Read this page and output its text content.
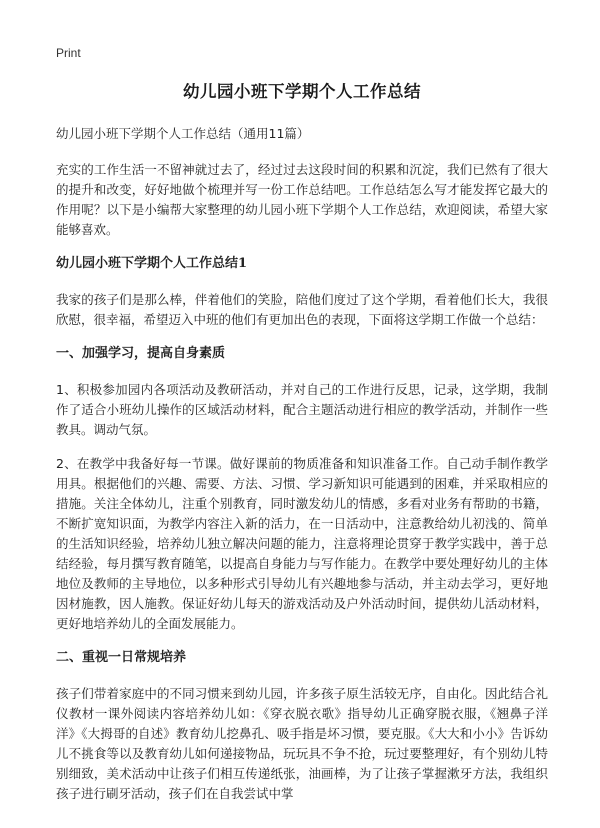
Print
幼儿园小班下学期个人工作总结
幼儿园小班下学期个人工作总结（通用11篇）

充实的工作生活一不留神就过去了，经过过去这段时间的积累和沉淀，我们已然有了很大的提升和改变，好好地做个梳理并写一份工作总结吧。工作总结怎么写才能发挥它最大的作用呢？以下是小编帮大家整理的幼儿园小班下学期个人工作总结，欢迎阅读，希望大家能够喜欢。

幼儿园小班下学期个人工作总结1

我家的孩子们是那么棒，伴着他们的笑脸，陪他们度过了这个学期，看着他们长大，我很欣慰，很幸福，希望迈入中班的他们有更加出色的表现，下面将这学期工作做一个总结：

一、加强学习，提高自身素质

1、积极参加园内各项活动及教研活动，并对自己的工作进行反思，记录，这学期，我制作了适合小班幼儿操作的区域活动材料，配合主题活动进行相应的教学活动，并制作一些教具。调动气氛。

2、在教学中我备好每一节课。做好课前的物质准备和知识准备工作。自己动手制作教学用具。根据他们的兴趣、需要、方法、习惯、学习新知识可能遇到的困难，并采取相应的措施。关注全体幼儿，注重个别教育，同时激发幼儿的情感，多看对业务有帮助的书籍，不断扩宽知识面，为教学内容注入新的活力，在一日活动中，注意教给幼儿初浅的、简单的生活知识经验，培养幼儿独立解决问题的能力，注意将理论贯穿于教学实践中，善于总结经验，每月撰写教育随笔，以提高自身能力与写作能力。在教学中要处理好幼儿的主体地位及教师的主导地位，以多种形式引导幼儿有兴趣地参与活动，并主动去学习，更好地因材施教，因人施教。保证好幼儿每天的游戏活动及户外活动时间，提供幼儿活动材料，更好地培养幼儿的全面发展能力。

二、重视一日常规培养

孩子们带着家庭中的不同习惯来到幼儿园，许多孩子原生活较无序，自由化。因此结合礼仪教材一课外阅读内容培养幼儿如：《穿衣脱衣歌》指导幼儿正确穿脱衣服，《翘鼻子洋洋》《大拇哥的自述》教育幼儿挖鼻孔、吸手指是坏习惯，要克服。《大大和小小》告诉幼儿不挑食等以及教育幼儿如何递接物品，玩玩具不争不抢，玩过要整理好，有个别幼儿特别细致，美术活动中让孩子们相互传递纸张，油画棒，为了让孩子掌握漱牙方法，我组织孩子进行刷牙活动，孩子们在自我尝试中掌
